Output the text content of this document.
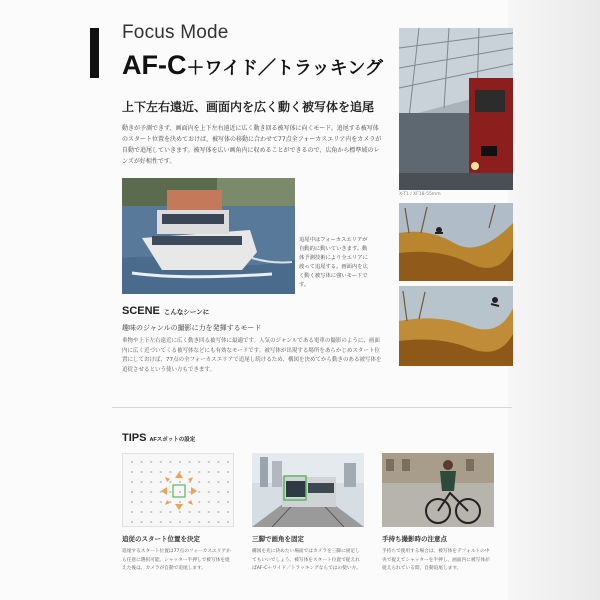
Focus Mode
AF-C＋ワイド／トラッキング
上下左右遠近、画面内を広く動く被写体を追尾
動きが予測できず、画面内を上下左右遠近に広く動き回る被写体に向くモード。追尾する被写体のスタート位置を決めておけば、被写体の移動に合わせて77点全フォーカスエリア内をカメラが自動で追尾していきます。被写体を広い画角内に収めることができるので、広角から標準域のレンズが好相性です。
追尾中はフォーカスエリアが自動的に動いていきます。動体予測技術により全エリアに渡って追尾する。画面内を広く動く被写体に強いモードです。
X-T1 / XF18-55mm
SCENE こんなシーンに
趣味のジャンルの撮影に力を発揮するモード
乗物や上下左右遠近に広く動き回る被写体に最適です。人気のジャンルである電車の撮影のように、画面内に広く近づいてくる被写体などにも有効なモードです。被写体が出現する場所をあらかじめスタート位置にしておけば、77点の全フォーカスエリアで追尾し続けるため、構図を決めてから動きのある被写体を追従させるという使い方もできます。
TIPS AFスポットの設定
追従のスタート位置を決定
追尾するスタート位置は77点のフォーカスエリアから任意に選択可能。シャッター半押しで被写体を捉えた後は、カメラが自動で追尾します。
三脚で画角を固定
構図を先に決めたい場面ではカメラを三脚に固定してもいいでしょう。被写体をスタート位置で捉えればAF-C＋ワイド／トラッキングならではの使い方。
手持ち撮影時の注意点
手持ちで使用する場合は、被写体をデフォルトの中央で捉えてシャッターを半押し。画面内に被写体が捉えられている間、自動追尾します。
